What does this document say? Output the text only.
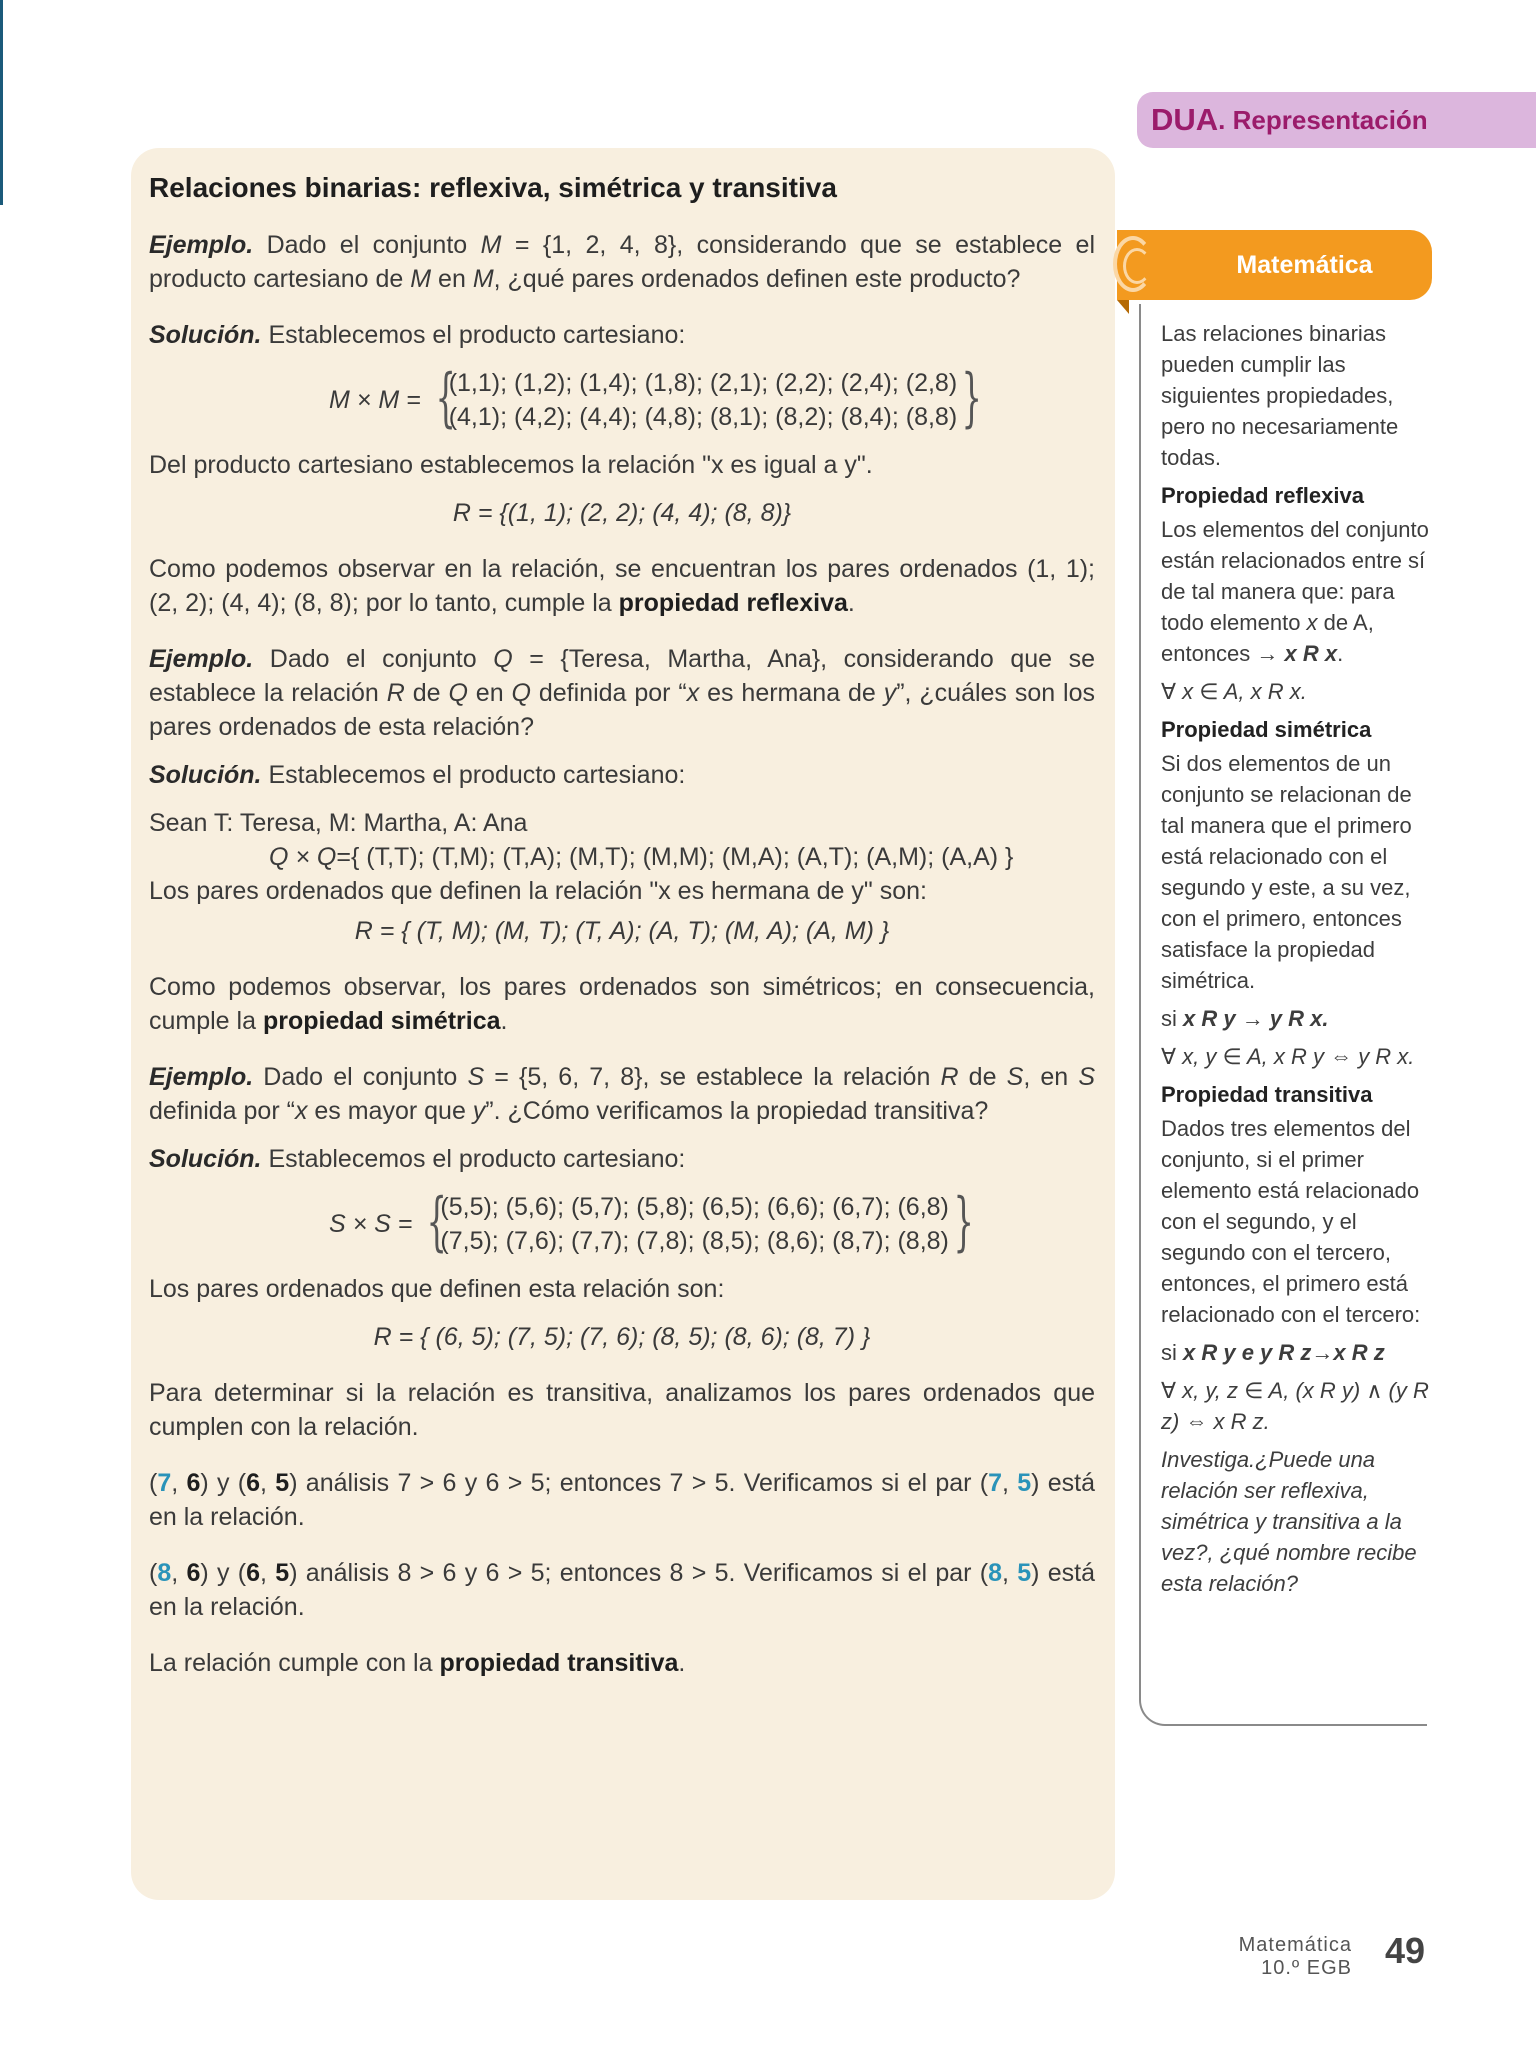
DUA . Representación
Relaciones binarias: reflexiva, simétrica y transitiva

Ejemplo. Dado el conjunto M = {1, 2, 4, 8}, considerando que se establece el producto cartesiano de M en M, ¿qué pares ordenados definen este producto?

Solución. Establecemos el producto cartesiano:

M × M = {
(1,1); (1,2); (1,4); (1,8); (2,1); (2,2); (2,4); (2,8)
(4,1); (4,2); (4,4); (4,8); (8,1); (8,2); (8,4); (8,8) }

Del producto cartesiano establecemos la relación "x es igual a y".

R = {(1, 1); (2, 2); (4, 4); (8, 8)}

Como podemos observar en la relación, se encuentran los pares ordenados (1, 1); (2, 2); (4, 4); (8, 8); por lo tanto, cumple la propiedad reflexiva.

Ejemplo. Dado el conjunto Q = {Teresa, Martha, Ana}, considerando que se establece la relación R de Q en Q definida por “x es hermana de y”, ¿cuáles son los pares ordenados de esta relación?

Solución. Establecemos el producto cartesiano:

Sean T: Teresa, M: Martha, A: Ana

Q × Q={ (T,T); (T,M); (T,A); (M,T); (M,M); (M,A); (A,T); (A,M); (A,A) }

Los pares ordenados que definen la relación "x es hermana de y" son:

R = { (T, M); (M, T); (T, A); (A, T); (M, A); (A, M) }

Como podemos observar, los pares ordenados son simétricos; en consecuencia, cumple la propiedad simétrica.

Ejemplo. Dado el conjunto S = {5, 6, 7, 8}, se establece la relación R de S, en S definida por “x es mayor que y”. ¿Cómo verificamos la propiedad transitiva?

Solución. Establecemos el producto cartesiano:

S × S = {
(5,5); (5,6); (5,7); (5,8); (6,5); (6,6); (6,7); (6,8)
(7,5); (7,6); (7,7); (7,8); (8,5); (8,6); (8,7); (8,8) }

Los pares ordenados que definen esta relación son:

R = { (6, 5); (7, 5); (7, 6); (8, 5); (8, 6); (8, 7) }

Para determinar si la relación es transitiva, analizamos los pares ordenados que cumplen con la relación.

(7, 6) y (6, 5) análisis 7 > 6 y 6 > 5; entonces 7 > 5. Verificamos si el par (7, 5) está en la relación.

(8, 6) y (6, 5) análisis 8 > 6 y 6 > 5; entonces 8 > 5. Verificamos si el par (8, 5) está en la relación.

La relación cumple con la propiedad transitiva.

Matemática

Las relaciones binarias pueden cumplir las siguientes propiedades, pero no necesariamente todas.

Propiedad reflexiva

Los elementos del conjunto están relacionados entre sí de tal manera que: para todo elemento x de A, entonces → x R x.

∀ x ∈ A, x R x.

Propiedad simétrica

Si dos elementos de un conjunto se relacionan de tal manera que el primero está relacionado con el segundo y este, a su vez, con el primero, entonces satisface la propiedad simétrica.

si x R y → y R x.

∀ x, y ∈ A, x R y ⇔ y R x.

Propiedad transitiva

Dados tres elementos del conjunto, si el primer elemento está relacionado con el segundo, y el segundo con el tercero, entonces, el primero está relacionado con el tercero:

si x R y e y R z→x R z

∀ x, y, z ∈ A, (x R y) ∧ (y R z) ⇔ x R z.

Investiga.¿Puede una relación ser reflexiva, simétrica y transitiva a la vez?, ¿qué nombre recibe esta relación?

Matemática
10.º EGB 49
